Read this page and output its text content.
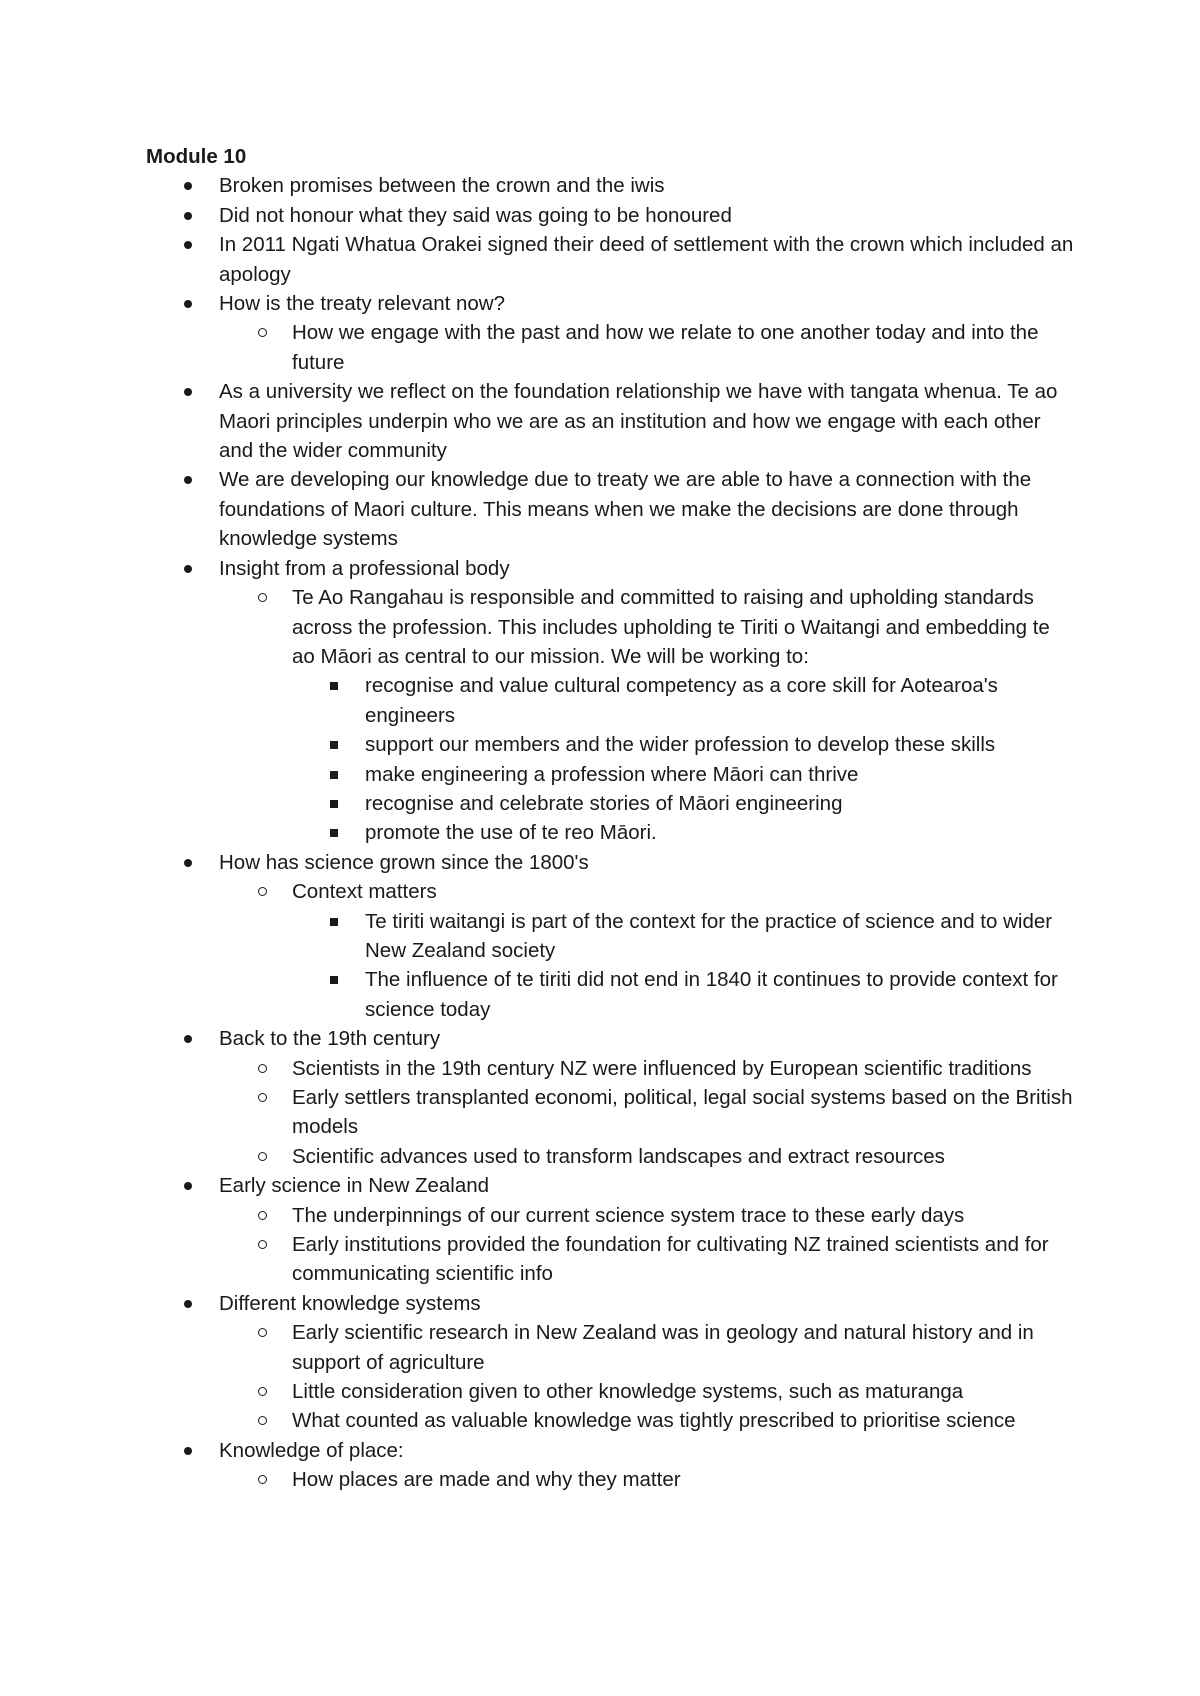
Module 10

Broken promises between the crown and the iwis
Did not honour what they said was going to be honoured
In 2011 Ngati Whatua Orakei signed their deed of settlement with the crown which included an apology
How is the treaty relevant now?
How we engage with the past and how we relate to one another today and into the future
As a university we reflect on the foundation relationship we have with tangata whenua. Te ao Maori principles underpin who we are as an institution and how we engage with each other and the wider community
We are developing our knowledge due to treaty we are able to have a connection with the foundations of Maori culture. This means when we make the decisions are done through knowledge systems
Insight from a professional body
Te Ao Rangahau is responsible and committed to raising and upholding standards across the profession. This includes upholding te Tiriti o Waitangi and embedding te ao Māori as central to our mission. We will be working to:
recognise and value cultural competency as a core skill for Aotearoa's engineers
support our members and the wider profession to develop these skills
make engineering a profession where Māori can thrive
recognise and celebrate stories of Māori engineering
promote the use of te reo Māori.
How has science grown since the 1800's
Context matters
Te tiriti waitangi is part of the context for the practice of science and to wider New Zealand society
The influence of te tiriti did not end in 1840 it continues to provide context for science today
Back to the 19th century
Scientists in the 19th century NZ were influenced by European scientific traditions
Early settlers transplanted economi, political, legal social systems based on the British models
Scientific advances used to transform landscapes and extract resources
Early science in New Zealand
The underpinnings of our current science system trace to these early days
Early institutions provided the foundation for cultivating NZ trained scientists and for communicating scientific info
Different knowledge systems
Early scientific research in New Zealand was in geology and natural history and in support of agriculture
Little consideration given to other knowledge systems, such as maturanga
What counted as valuable knowledge was tightly prescribed to prioritise science
Knowledge of place:
How places are made and why they matter
